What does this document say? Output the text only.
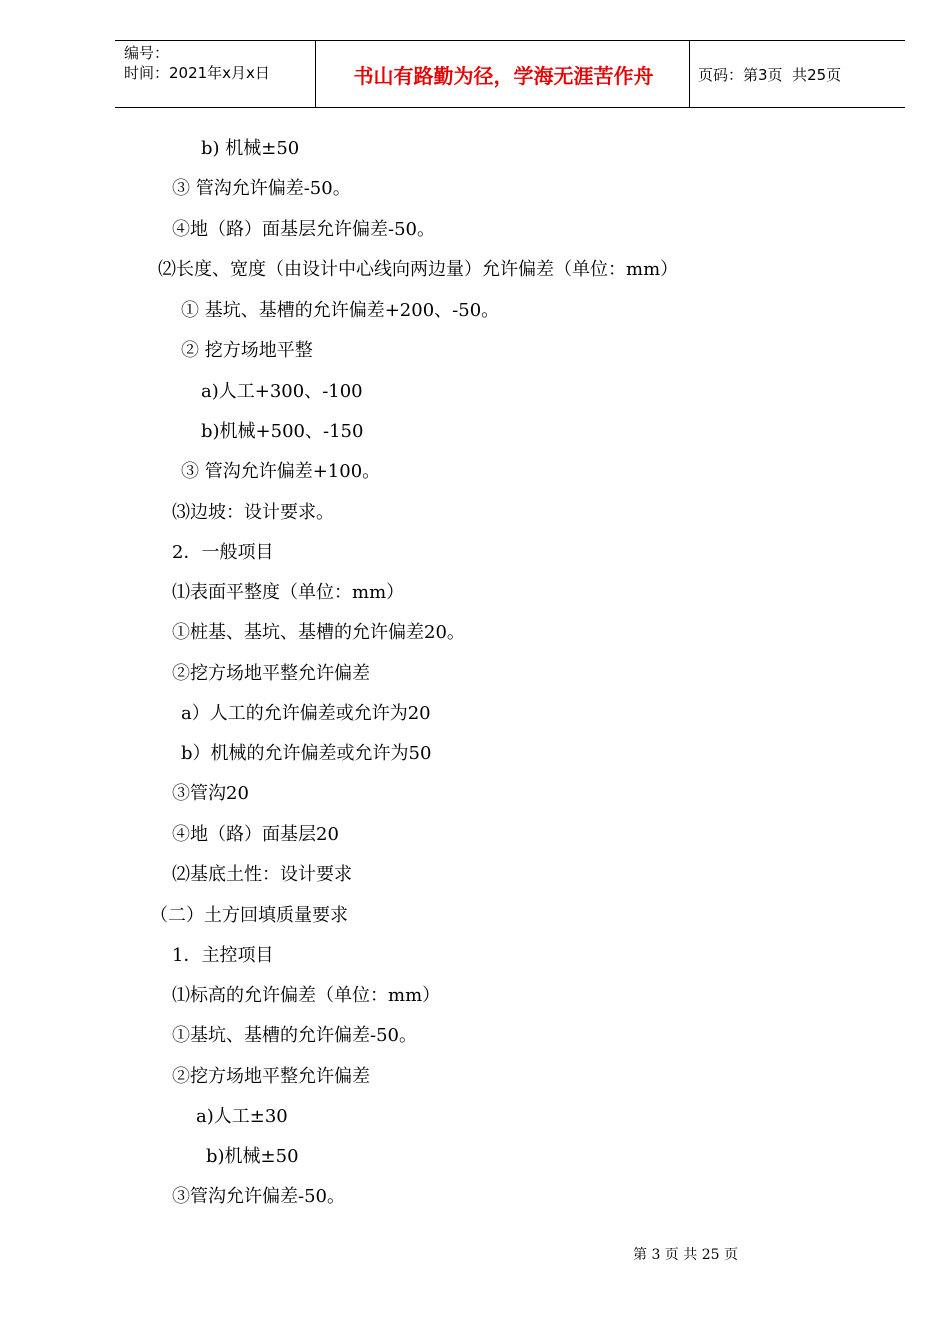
编号：
时间：2021年x月x日	书山有路勤为径，学海无涯苦作舟	页码：第3页  共25页
b) 机械±50
③ 管沟允许偏差-50。
④地（路）面基层允许偏差-50。
⑵长度、宽度（由设计中心线向两边量）允许偏差（单位：mm）
① 基坑、基槽的允许偏差+200、-50。
② 挖方场地平整
a)人工+300、-100
b)机械+500、-150
③ 管沟允许偏差+100。
⑶边坡：设计要求。
2．一般项目
⑴表面平整度（单位：mm）
①桩基、基坑、基槽的允许偏差20。
②挖方场地平整允许偏差
a）人工的允许偏差或允许为20
b）机械的允许偏差或允许为50
③管沟20
④地（路）面基层20
⑵基底土性：设计要求
（二）土方回填质量要求
1．主控项目
⑴标高的允许偏差（单位：mm）
①基坑、基槽的允许偏差-50。
②挖方场地平整允许偏差
a)人工±30
b)机械±50
③管沟允许偏差-50。
第 3 页 共 25 页
